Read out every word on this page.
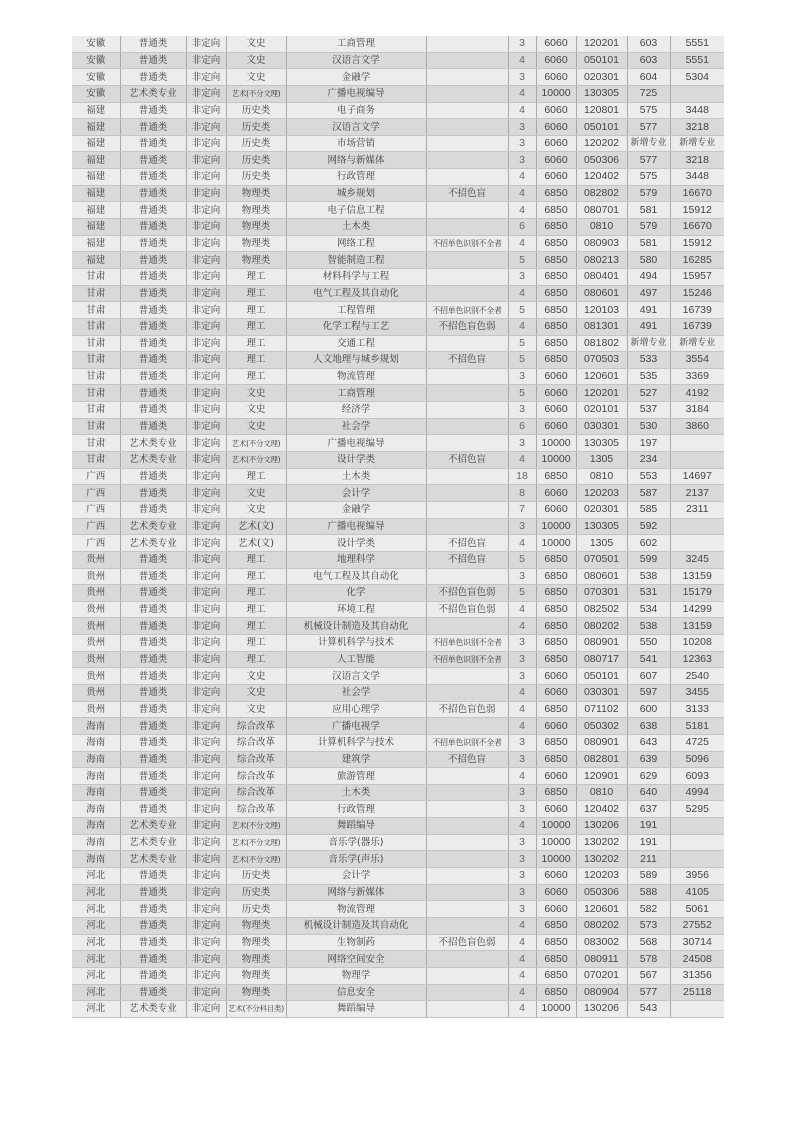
安徽	普通类	非定向	文史	工商管理		3	6060	120201	603	5551
安徽	普通类	非定向	文史	汉语言文学		4	6060	050101	603	5551
安徽	普通类	非定向	文史	金融学		3	6060	020301	604	5304
安徽	艺术类专业	非定向	艺术(不分文理)	广播电视编导		4	10000	130305	725	
福建	普通类	非定向	历史类	电子商务		4	6060	120801	575	3448
福建	普通类	非定向	历史类	汉语言文学		3	6060	050101	577	3218
福建	普通类	非定向	历史类	市场营销		3	6060	120202	新增专业	新增专业
福建	普通类	非定向	历史类	网络与新媒体		3	6060	050306	577	3218
福建	普通类	非定向	历史类	行政管理		4	6060	120402	575	3448
福建	普通类	非定向	物理类	城乡规划	不招色盲	4	6850	082802	579	16670
福建	普通类	非定向	物理类	电子信息工程		4	6850	080701	581	15912
福建	普通类	非定向	物理类	土木类		6	6850	0810	579	16670
福建	普通类	非定向	物理类	网络工程	不招单色识别不全者	4	6850	080903	581	15912
福建	普通类	非定向	物理类	智能制造工程		5	6850	080213	580	16285
甘肃	普通类	非定向	理工	材料科学与工程		3	6850	080401	494	15957
甘肃	普通类	非定向	理工	电气工程及其自动化		4	6850	080601	497	15246
甘肃	普通类	非定向	理工	工程管理	不招单色识别不全者	5	6850	120103	491	16739
甘肃	普通类	非定向	理工	化学工程与工艺	不招色盲色弱	4	6850	081301	491	16739
甘肃	普通类	非定向	理工	交通工程		5	6850	081802	新增专业	新增专业
甘肃	普通类	非定向	理工	人文地理与城乡规划	不招色盲	5	6850	070503	533	3554
甘肃	普通类	非定向	理工	物流管理		3	6060	120601	535	3369
甘肃	普通类	非定向	文史	工商管理		5	6060	120201	527	4192
甘肃	普通类	非定向	文史	经济学		3	6060	020101	537	3184
甘肃	普通类	非定向	文史	社会学		6	6060	030301	530	3860
甘肃	艺术类专业	非定向	艺术(不分文理)	广播电视编导		3	10000	130305	197	
甘肃	艺术类专业	非定向	艺术(不分文理)	设计学类	不招色盲	4	10000	1305	234	
广西	普通类	非定向	理工	土木类		18	6850	0810	553	14697
广西	普通类	非定向	文史	会计学		8	6060	120203	587	2137
广西	普通类	非定向	文史	金融学		7	6060	020301	585	2311
广西	艺术类专业	非定向	艺术(文)	广播电视编导		3	10000	130305	592	
广西	艺术类专业	非定向	艺术(文)	设计学类	不招色盲	4	10000	1305	602	
贵州	普通类	非定向	理工	地理科学	不招色盲	5	6850	070501	599	3245
贵州	普通类	非定向	理工	电气工程及其自动化		3	6850	080601	538	13159
贵州	普通类	非定向	理工	化学	不招色盲色弱	5	6850	070301	531	15179
贵州	普通类	非定向	理工	环境工程	不招色盲色弱	4	6850	082502	534	14299
贵州	普通类	非定向	理工	机械设计制造及其自动化		4	6850	080202	538	13159
贵州	普通类	非定向	理工	计算机科学与技术	不招单色识别不全者	3	6850	080901	550	10208
贵州	普通类	非定向	理工	人工智能	不招单色识别不全者	3	6850	080717	541	12363
贵州	普通类	非定向	文史	汉语言文学		3	6060	050101	607	2540
贵州	普通类	非定向	文史	社会学		4	6060	030301	597	3455
贵州	普通类	非定向	文史	应用心理学	不招色盲色弱	4	6850	071102	600	3133
海南	普通类	非定向	综合改革	广播电视学		4	6060	050302	638	5181
海南	普通类	非定向	综合改革	计算机科学与技术	不招单色识别不全者	3	6850	080901	643	4725
海南	普通类	非定向	综合改革	建筑学	不招色盲	3	6850	082801	639	5096
海南	普通类	非定向	综合改革	旅游管理		4	6060	120901	629	6093
海南	普通类	非定向	综合改革	土木类		3	6850	0810	640	4994
海南	普通类	非定向	综合改革	行政管理		3	6060	120402	637	5295
海南	艺术类专业	非定向	艺术(不分文理)	舞蹈编导		4	10000	130206	191	
海南	艺术类专业	非定向	艺术(不分文理)	音乐学(器乐)		3	10000	130202	191	
海南	艺术类专业	非定向	艺术(不分文理)	音乐学(声乐)		3	10000	130202	211	
河北	普通类	非定向	历史类	会计学		3	6060	120203	589	3956
河北	普通类	非定向	历史类	网络与新媒体		3	6060	050306	588	4105
河北	普通类	非定向	历史类	物流管理		3	6060	120601	582	5061
河北	普通类	非定向	物理类	机械设计制造及其自动化		4	6850	080202	573	27552
河北	普通类	非定向	物理类	生物制药	不招色盲色弱	4	6850	083002	568	30714
河北	普通类	非定向	物理类	网络空间安全		4	6850	080911	578	24508
河北	普通类	非定向	物理类	物理学		4	6850	070201	567	31356
河北	普通类	非定向	物理类	信息安全		4	6850	080904	577	25118
河北	艺术类专业	非定向	艺术(不分科目类)	舞蹈编导		4	10000	130206	543	
